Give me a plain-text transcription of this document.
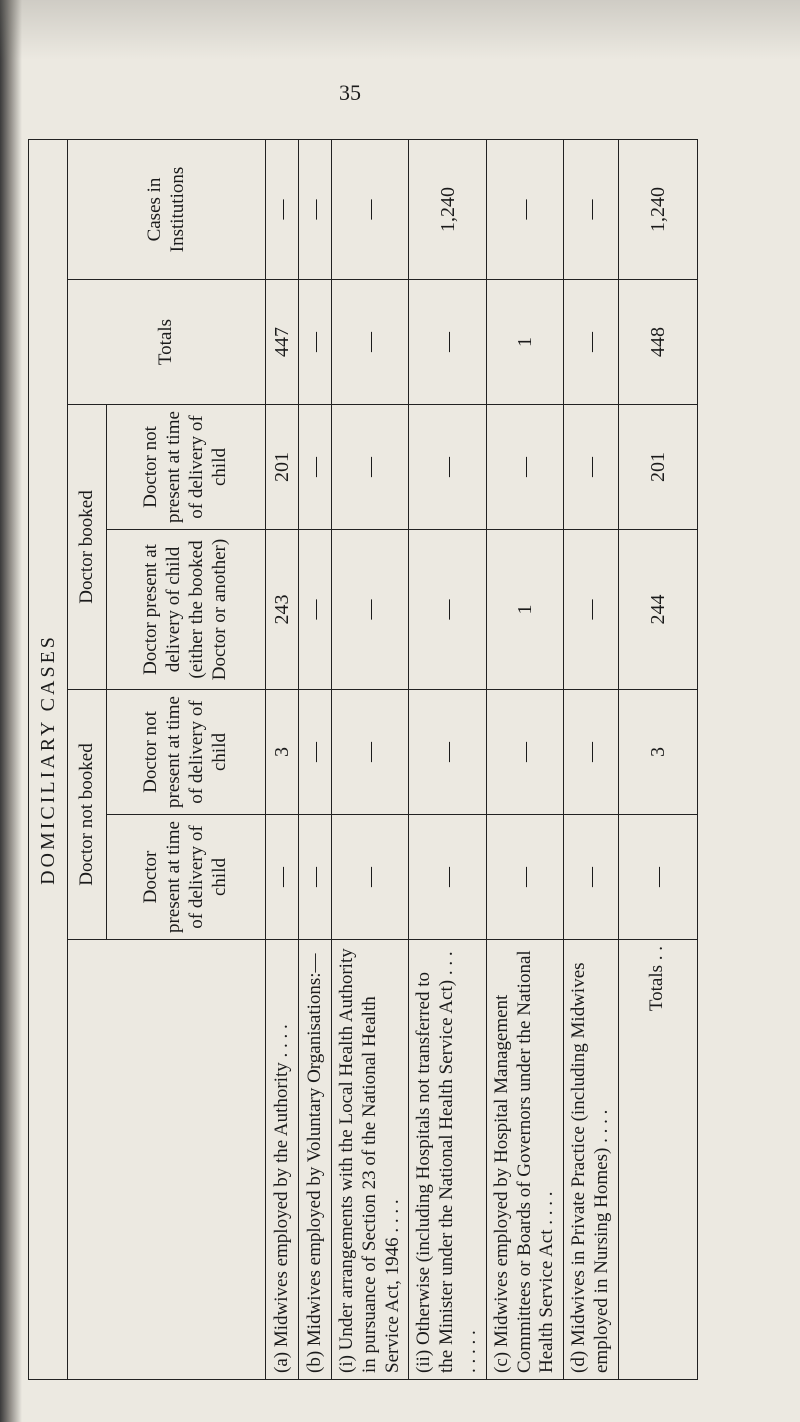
35
DOMICILIARY CASES						
	Doctor not booked		Doctor booked		Totals	Cases in Institutions
	Doctor present at time of delivery of child	Doctor not present at time of delivery of child	Doctor present at delivery of child (either the booked Doctor or another)	Doctor not present at time of delivery of child		
(a) Midwives employed by the Authority . . . .	—	3	243	201	447	—
(b) Midwives employed by Voluntary Organisations:—	—	—	—	—	—	—
(i) Under arrangements with the Local Health Authority in pursuance of Section 23 of the National Health Service Act, 1946 . . . .	—	—	—	—	—	—
(ii) Otherwise (including Hospitals not transferred to the Minister under the National Health Service Act) . . . . . . . .	—	—	—	—	—	1,240
(c) Midwives employed by Hospital Management Committees or Boards of Governors under the National Health Service Act . . . .	—	—	1	—	1	—
(d) Midwives in Private Practice (including Midwives employed in Nursing Homes) . . . .	—	—	—	—	—	—
Totals . .	—	3	244	201	448	1,240
